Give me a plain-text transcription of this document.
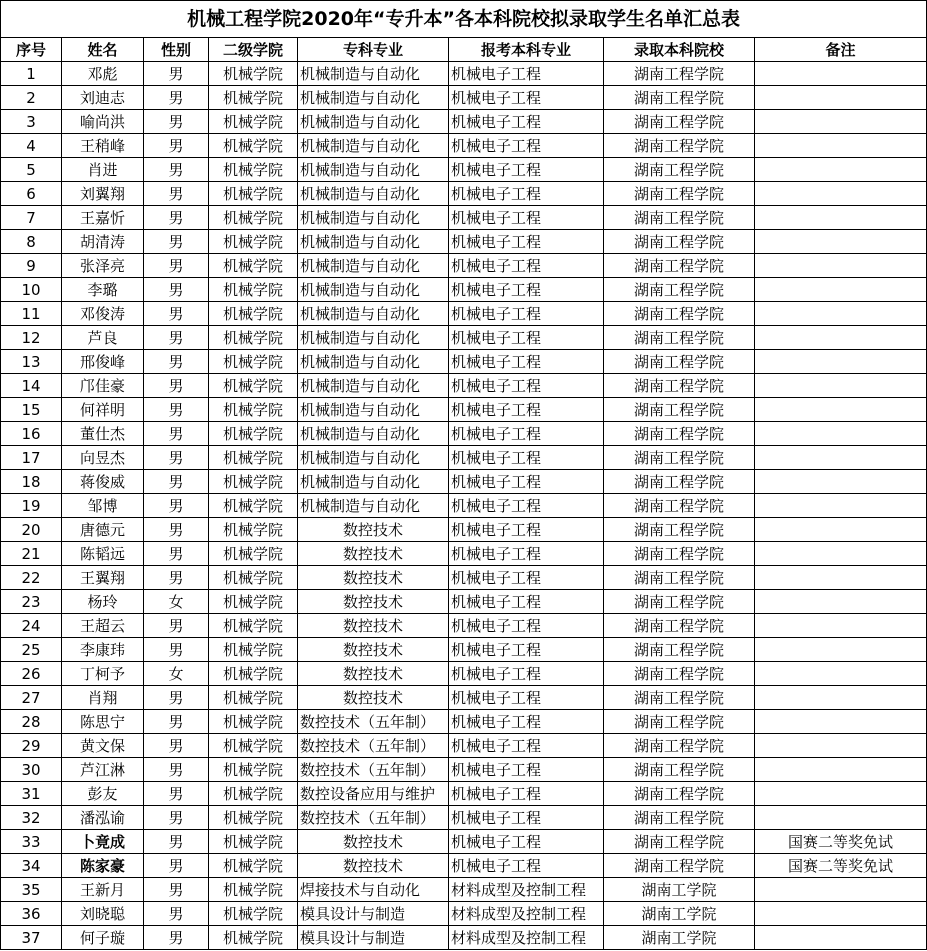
机械工程学院2020年“专升本”各本科院校拟录取学生名单汇总表							
序号	姓名	性别	二级学院	专科专业	报考本科专业	录取本科院校	备注
1	邓彪	男	机械学院	机械制造与自动化	机械电子工程	湖南工程学院	
2	刘迪志	男	机械学院	机械制造与自动化	机械电子工程	湖南工程学院	
3	喻尚洪	男	机械学院	机械制造与自动化	机械电子工程	湖南工程学院	
4	王稍峰	男	机械学院	机械制造与自动化	机械电子工程	湖南工程学院	
5	肖进	男	机械学院	机械制造与自动化	机械电子工程	湖南工程学院	
6	刘翼翔	男	机械学院	机械制造与自动化	机械电子工程	湖南工程学院	
7	王嘉忻	男	机械学院	机械制造与自动化	机械电子工程	湖南工程学院	
8	胡清涛	男	机械学院	机械制造与自动化	机械电子工程	湖南工程学院	
9	张泽亮	男	机械学院	机械制造与自动化	机械电子工程	湖南工程学院	
10	李璐	男	机械学院	机械制造与自动化	机械电子工程	湖南工程学院	
11	邓俊涛	男	机械学院	机械制造与自动化	机械电子工程	湖南工程学院	
12	芦良	男	机械学院	机械制造与自动化	机械电子工程	湖南工程学院	
13	邢俊峰	男	机械学院	机械制造与自动化	机械电子工程	湖南工程学院	
14	邝佳豪	男	机械学院	机械制造与自动化	机械电子工程	湖南工程学院	
15	何祥明	男	机械学院	机械制造与自动化	机械电子工程	湖南工程学院	
16	董仕杰	男	机械学院	机械制造与自动化	机械电子工程	湖南工程学院	
17	向昱杰	男	机械学院	机械制造与自动化	机械电子工程	湖南工程学院	
18	蒋俊威	男	机械学院	机械制造与自动化	机械电子工程	湖南工程学院	
19	邹博	男	机械学院	机械制造与自动化	机械电子工程	湖南工程学院	
20	唐德元	男	机械学院	数控技术	机械电子工程	湖南工程学院	
21	陈韬远	男	机械学院	数控技术	机械电子工程	湖南工程学院	
22	王翼翔	男	机械学院	数控技术	机械电子工程	湖南工程学院	
23	杨玲	女	机械学院	数控技术	机械电子工程	湖南工程学院	
24	王超云	男	机械学院	数控技术	机械电子工程	湖南工程学院	
25	李康玮	男	机械学院	数控技术	机械电子工程	湖南工程学院	
26	丁柯予	女	机械学院	数控技术	机械电子工程	湖南工程学院	
27	肖翔	男	机械学院	数控技术	机械电子工程	湖南工程学院	
28	陈思宁	男	机械学院	数控技术（五年制）	机械电子工程	湖南工程学院	
29	黄文保	男	机械学院	数控技术（五年制）	机械电子工程	湖南工程学院	
30	芦江淋	男	机械学院	数控技术（五年制）	机械电子工程	湖南工程学院	
31	彭友	男	机械学院	数控设备应用与维护	机械电子工程	湖南工程学院	
32	潘泓谕	男	机械学院	数控技术（五年制）	机械电子工程	湖南工程学院	
33	卜竟成	男	机械学院	数控技术	机械电子工程	湖南工程学院	国赛二等奖免试
34	陈家豪	男	机械学院	数控技术	机械电子工程	湖南工程学院	国赛二等奖免试
35	王新月	男	机械学院	焊接技术与自动化	材料成型及控制工程	湖南工学院	
36	刘晓聪	男	机械学院	模具设计与制造	材料成型及控制工程	湖南工学院	
37	何子璇	男	机械学院	模具设计与制造	材料成型及控制工程	湖南工学院	
